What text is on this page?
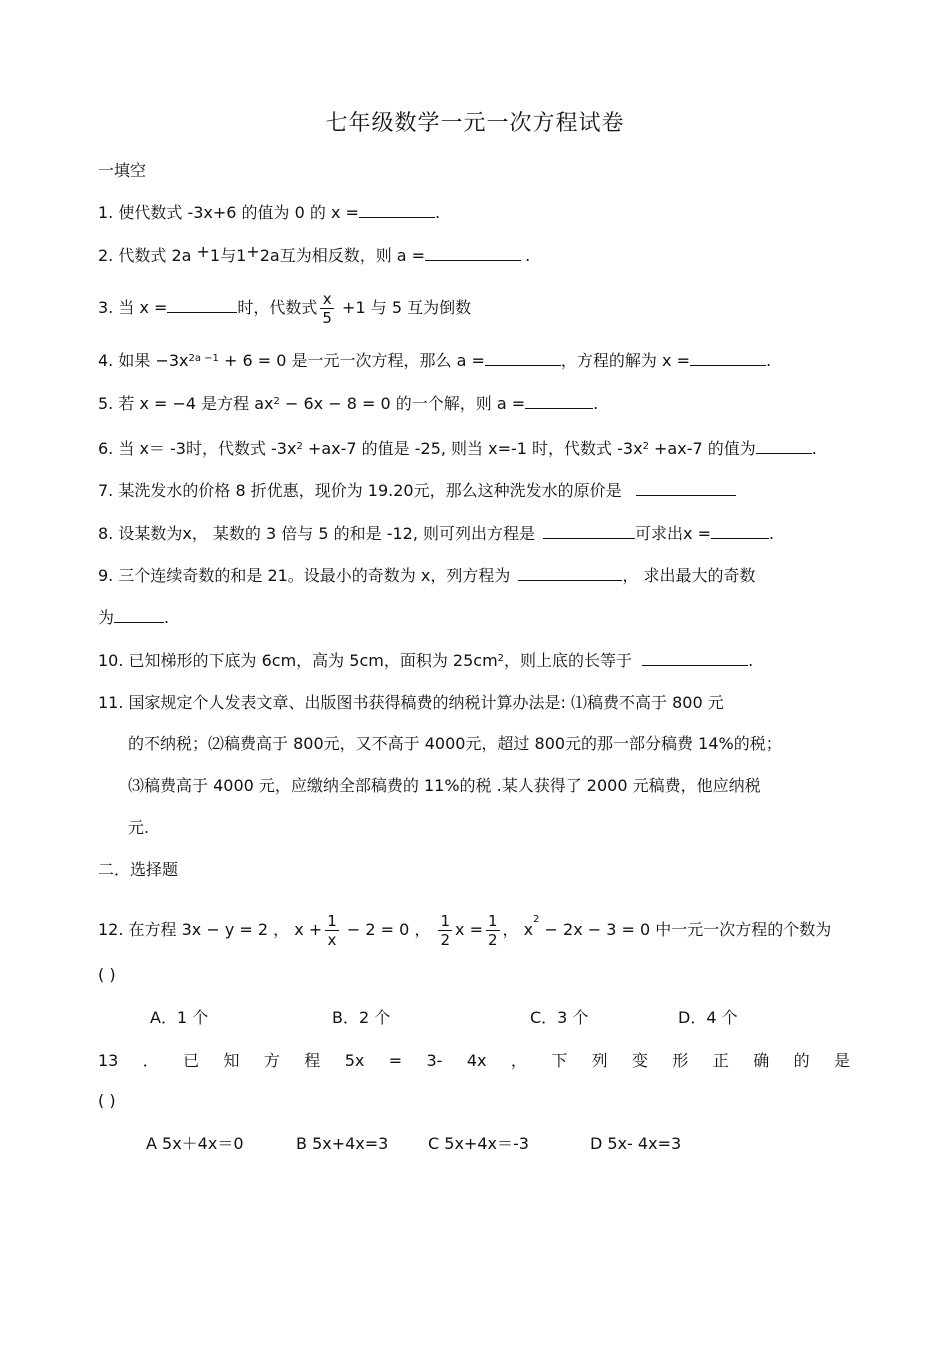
七年级数学一元一次方程试卷
一填空
1. 使代数式 -3x+6 的值为 0 的 x =	.
2. 代数式 2a +1与1+2a互为相反数，则 a =	.
3. 当 x =	时，代数式 $\frac{x}{5} +1$ 与 5 互为倒数
4. 如果 $-3x^{2a -1} + 6 = 0$ 是一元一次方程，那么 a =	，方程的解为 x =	.
5. 若 x = −4 是方程 $ax^2 - 6x - 8 = 0$ 的一个解，则 a =	.
6. 当 x＝ -3时，代数式 $-3x^2 +ax-7$ 的值是 -25, 则当 x=-1 时，代数式 $-3x^2 +ax-7$ 的值为	.
7. 某洗发水的价格 8 折优惠，现价为 19.20元，那么这种洗发水的原价是
8. 设某数为x， 某数的 3 倍与 5 的和是 -12, 则可列出方程是	可求出x =	.
9. 三个连续奇数的和是 21。设最小的奇数为 x，列方程为	， 求出最大的奇数
为	.
10. 已知梯形的下底为 6cm，高为 5cm，面积为 $25cm^2$，则上底的长等于	.
11. 国家规定个人发表文章、出版图书获得稿费的纳税计算办法是: ⑴稿费不高于 800 元
的不纳税；⑵稿费高于 800元，又不高于 4000元，超过 800元的那一部分稿费 14%的税；
⑶稿费高于 4000 元，应缴纳全部稿费的 11%的税 .某人获得了 2000 元稿费，他应纳税
元.
二．选择题
12. 在方程 3x − y = 2 ， $x + \frac{1}{x} - 2 = 0$ ， $\frac{1}{2}$ $x = \frac{1}{2}$ ， $x^2 - 2x - 3 = 0$ 中一元一次方程的个数为
( )
A．1 个	B．2 个	C．3 个	D．4 个
13 ． 已 知 方 程 5x = 3- 4x ， 下 列 变 形 正 确 的 是
( )
A 5x＋4x＝0	B 5x+4x=3 C 5x+4x＝-3	D 5x- 4x=3
